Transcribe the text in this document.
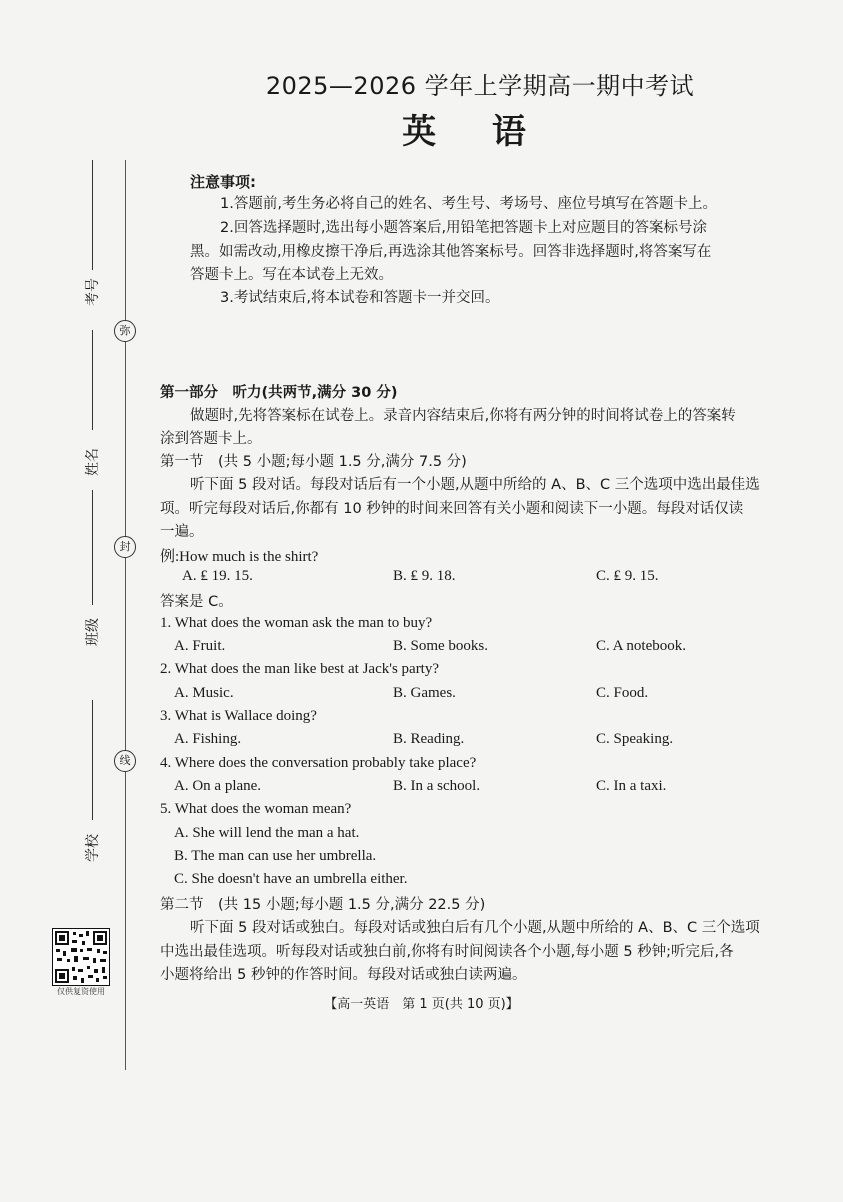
弥
封
线
考号
姓名
班级
学校
仅供复资使用
2025—2026 学年上学期高一期中考试
英 语
注意事项:
1.答题前,考生务必将自己的姓名、考生号、考场号、座位号填写在答题卡上。
2.回答选择题时,选出每小题答案后,用铅笔把答题卡上对应题目的答案标号涂
黑。如需改动,用橡皮擦干净后,再选涂其他答案标号。回答非选择题时,将答案写在
答题卡上。写在本试卷上无效。
3.考试结束后,将本试卷和答题卡一并交回。
第一部分　听力(共两节,满分 30 分)
做题时,先将答案标在试卷上。录音内容结束后,你将有两分钟的时间将试卷上的答案转
涂到答题卡上。
第一节　(共 5 小题;每小题 1.5 分,满分 7.5 分)
听下面 5 段对话。每段对话后有一个小题,从题中所给的 A、B、C 三个选项中选出最佳选
项。听完每段对话后,你都有 10 秒钟的时间来回答有关小题和阅读下一小题。每段对话仅读
一遍。
例:How much is the shirt?
A. ₤ 19. 15.	B. ₤ 9. 18.	C. ₤ 9. 15.
答案是 C。
1. What does the woman ask the man to buy?
A. Fruit.	B. Some books.	C. A notebook.
2. What does the man like best at Jack's party?
A. Music.	B. Games.	C. Food.
3. What is Wallace doing?
A. Fishing.	B. Reading.	C. Speaking.
4. Where does the conversation probably take place?
A. On a plane.	B. In a school.	C. In a taxi.
5. What does the woman mean?
A. She will lend the man a hat.
B. The man can use her umbrella.
C. She doesn't have an umbrella either.
第二节　(共 15 小题;每小题 1.5 分,满分 22.5 分)
听下面 5 段对话或独白。每段对话或独白后有几个小题,从题中所给的 A、B、C 三个选项
中选出最佳选项。听每段对话或独白前,你将有时间阅读各个小题,每小题 5 秒钟;听完后,各
小题将给出 5 秒钟的作答时间。每段对话或独白读两遍。
【高一英语　第 1 页(共 10 页)】
